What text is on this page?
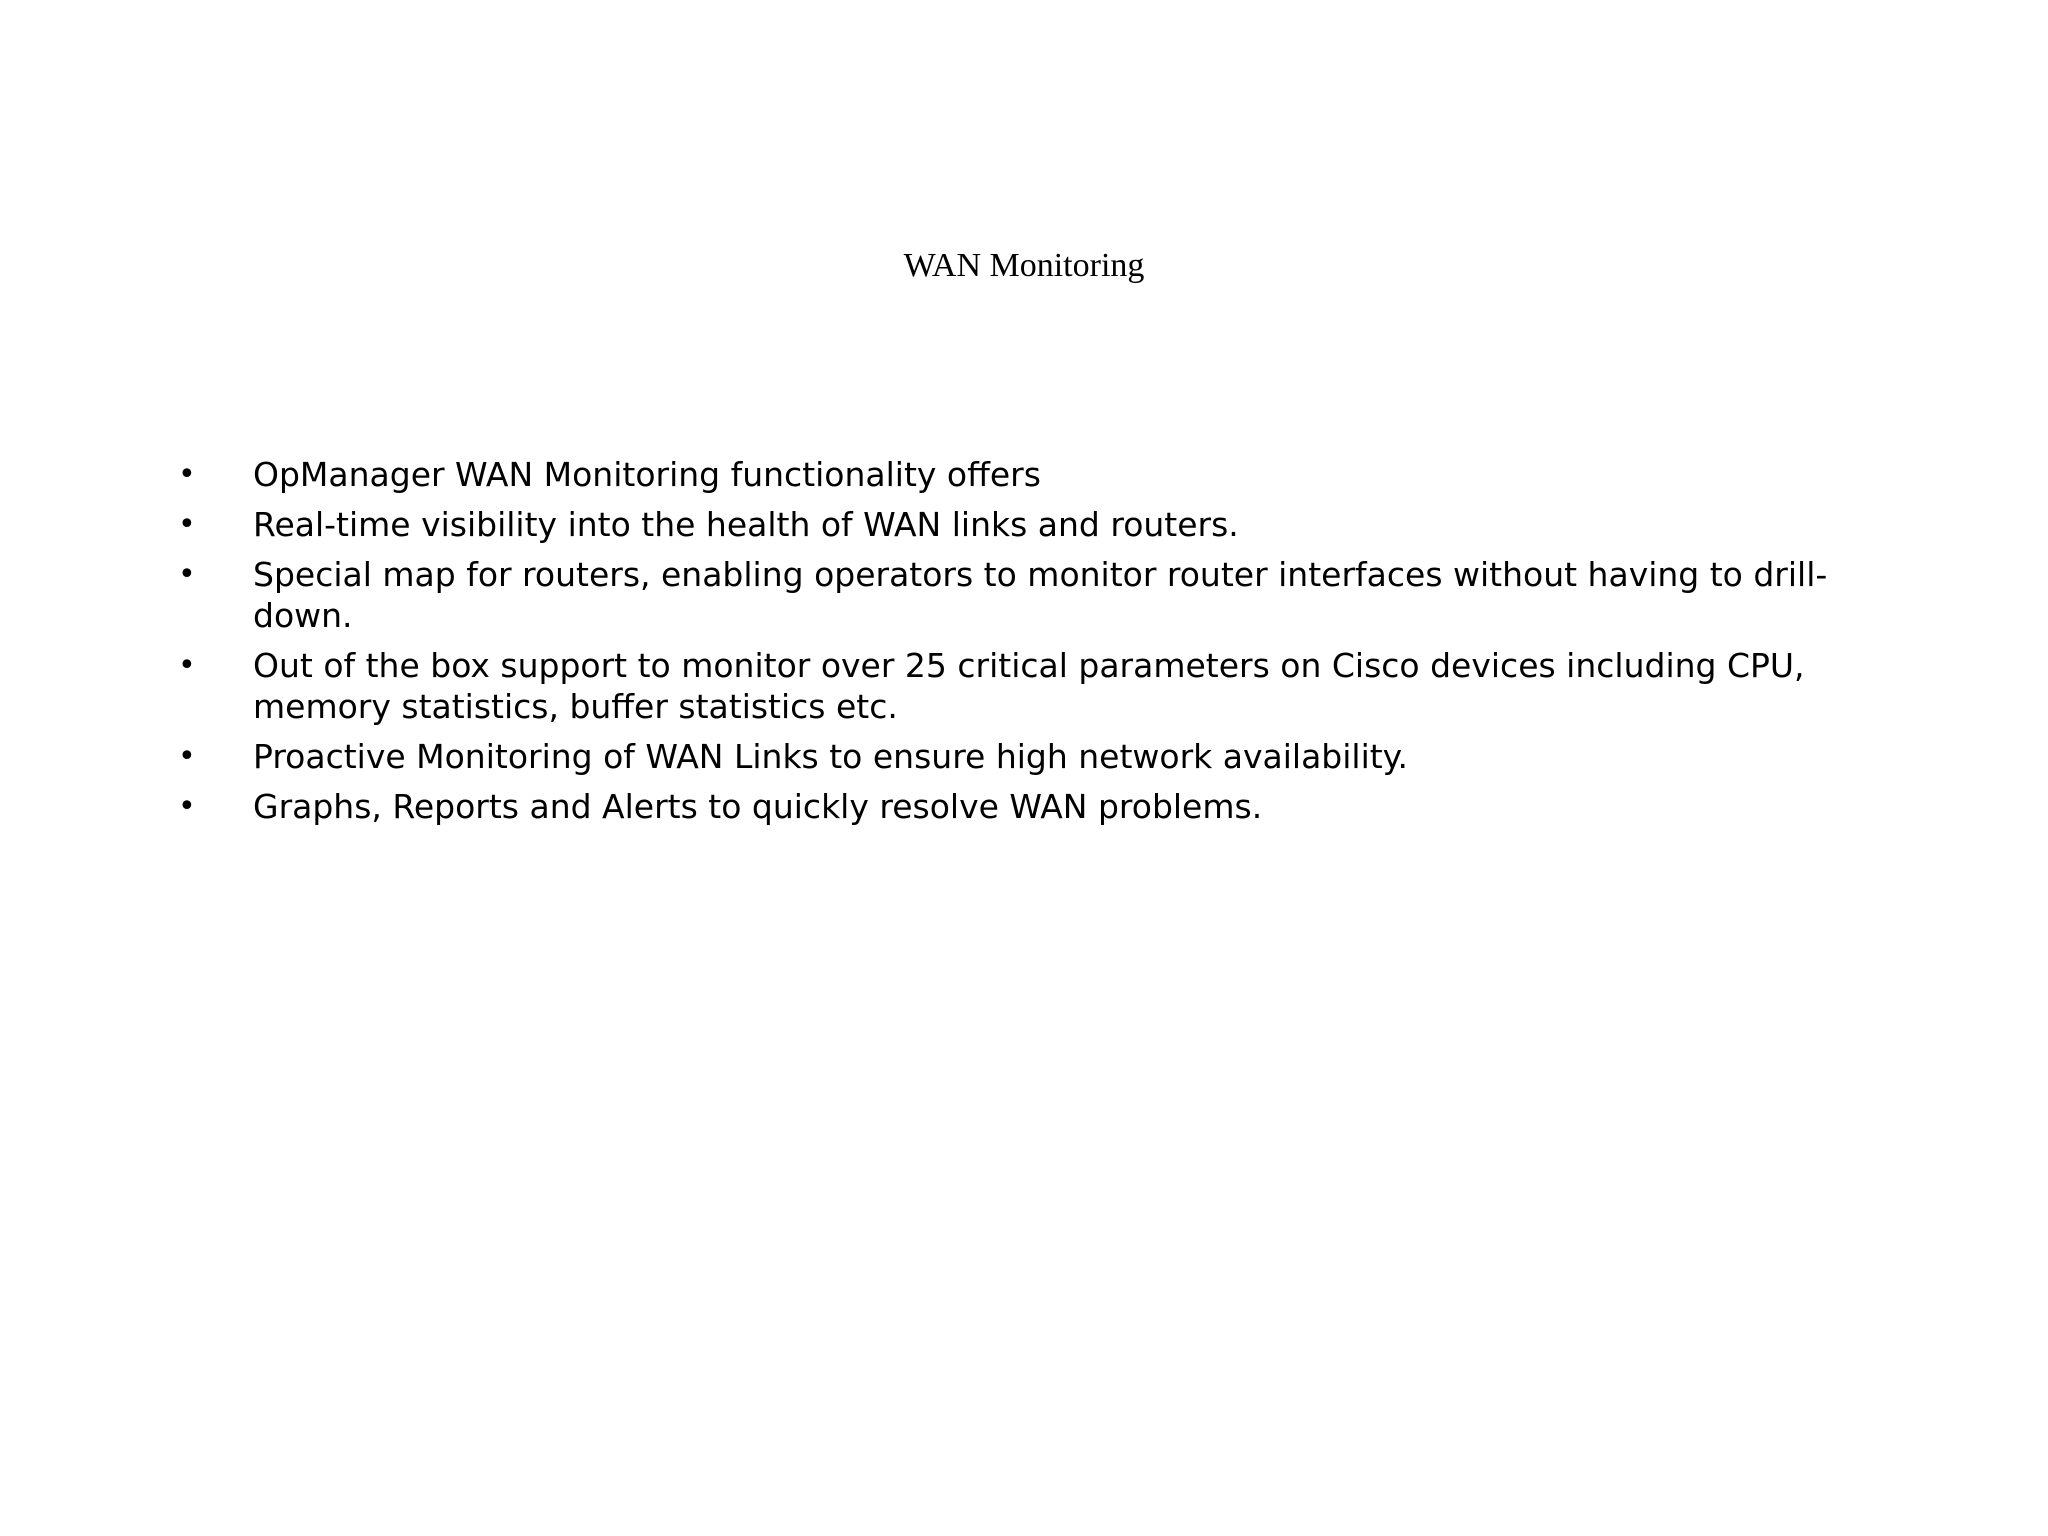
WAN Monitoring
• OpManager WAN Monitoring functionality offers
• Real-time visibility into the health of WAN links and routers.
• Special map for routers, enabling operators to monitor router interfaces without having to drill-down.
• Out of the box support to monitor over 25 critical parameters on Cisco devices including CPU, memory statistics, buffer statistics etc.
• Proactive Monitoring of WAN Links to ensure high network availability.
• Graphs, Reports and Alerts to quickly resolve WAN problems.
